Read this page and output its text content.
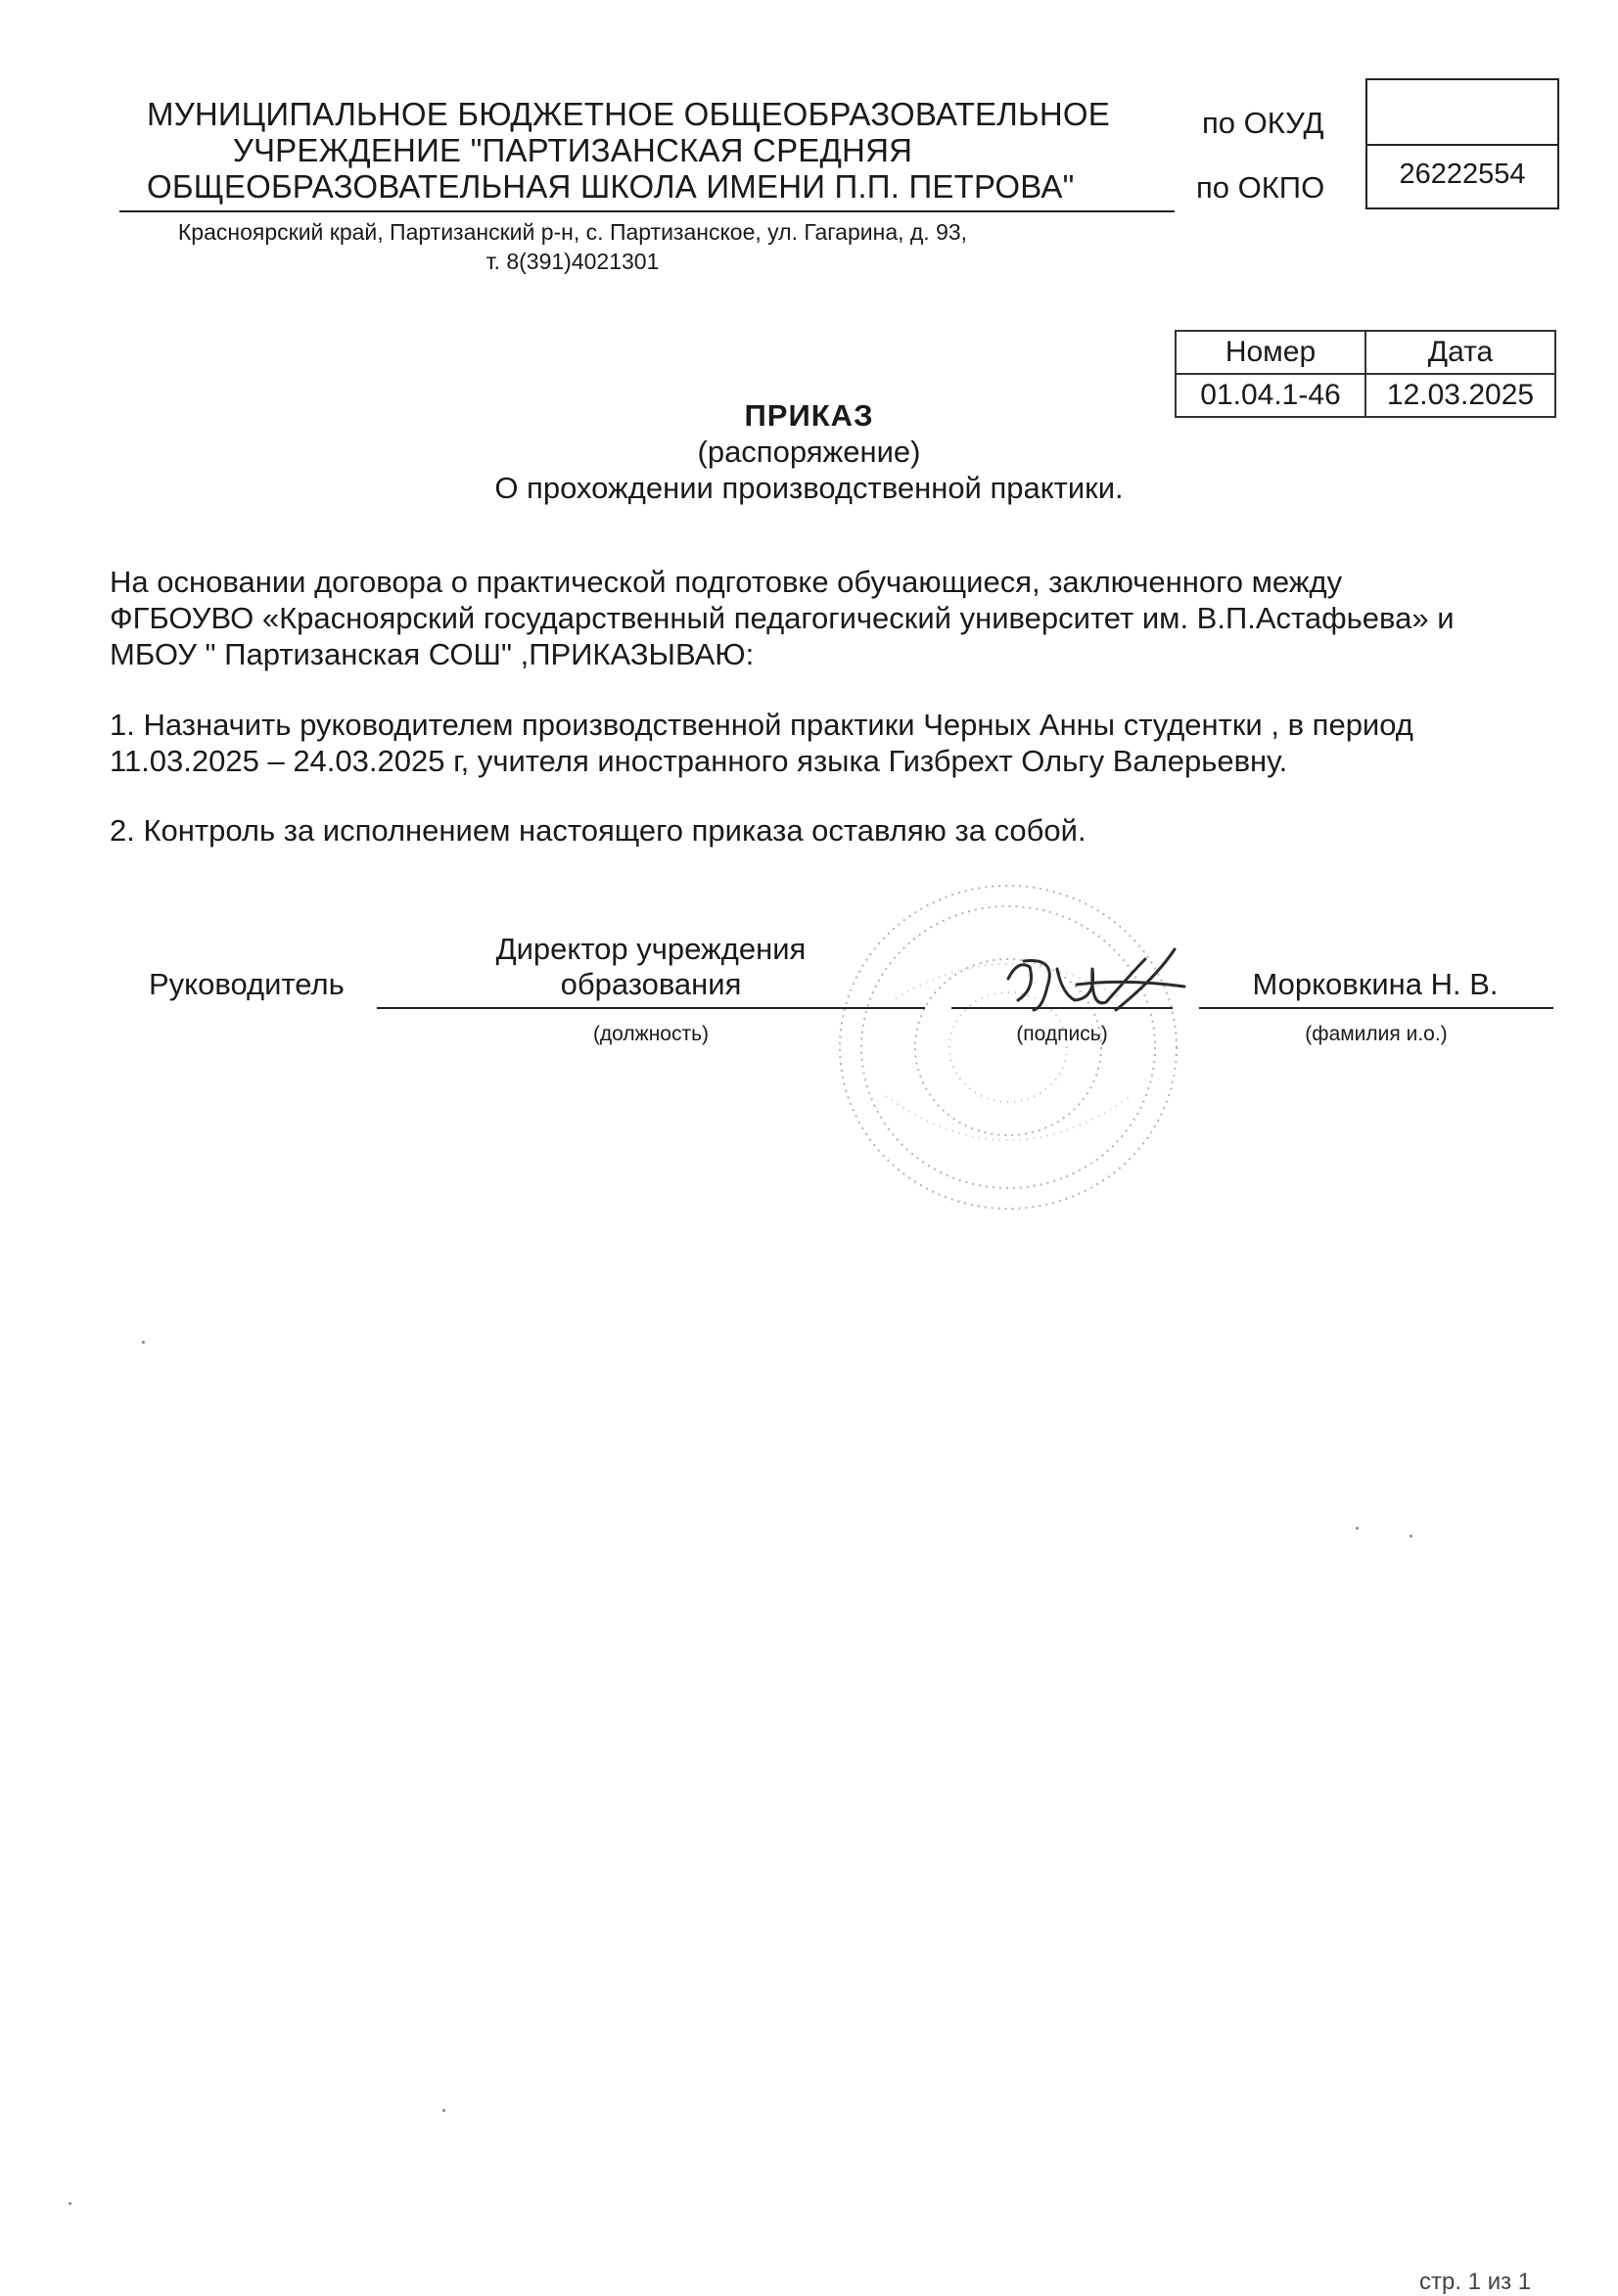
МУНИЦИПАЛЬНОЕ БЮДЖЕТНОЕ ОБЩЕОБРАЗОВАТЕЛЬНОЕ
УЧРЕЖДЕНИЕ "ПАРТИЗАНСКАЯ СРЕДНЯЯ
ОБЩЕОБРАЗОВАТЕЛЬНАЯ ШКОЛА ИМЕНИ П.П. ПЕТРОВА"
Красноярский край, Партизанский р-н, с. Партизанское, ул. Гагарина, д. 93,
т. 8(391)4021301
по ОКУД
по ОКПО	26222554
Номер	Дата
01.04.1-46	12.03.2025
ПРИКАЗ
(распоряжение)
О прохождении производственной практики.
На основании договора о практической подготовке обучающиеся, заключенного между
ФГБОУВО «Красноярский государственный педагогический университет им. В.П.Астафьева» и
МБОУ " Партизанская СОШ" ,ПРИКАЗЫВАЮ:
1. Назначить руководителем производственной практики Черных Анны студентки , в период
11.03.2025 – 24.03.2025 г, учителя иностранного языка Гизбрехт Ольгу Валерьевну.
2. Контроль за исполнением настоящего приказа оставляю за собой.
Руководитель
Директор учреждения
образования	Морковкина Н. В.
(должность)	(подпись)	(фамилия и.о.)
стр. 1 из 1
